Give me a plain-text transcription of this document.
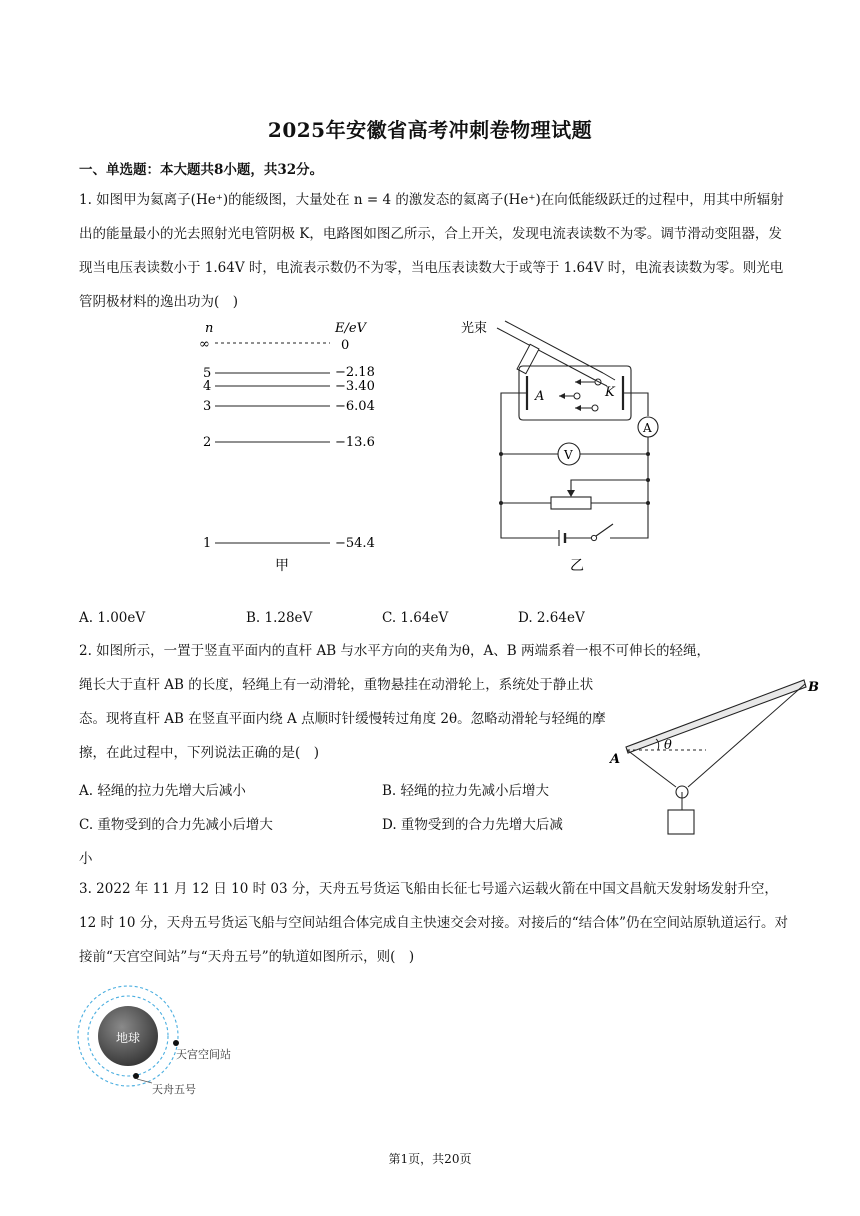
2025年安徽省高考冲刺卷物理试题
一、单选题：本大题共8小题，共32分。
1. 如图甲为氦离子(He⁺)的能级图，大量处在 n = 4 的激发态的氦离子(He⁺)在向低能级跃迁的过程中，用其中所辐射出的能量最小的光去照射光电管阴极 K，电路图如图乙所示，合上开关，发现电流表读数不为零。调节滑动变阻器，发现当电压表读数小于 1.64V 时，电流表示数仍不为零，当电压表读数大于或等于 1.64V 时，电流表读数为零。则光电管阴极材料的逸出功为(　)
n	E/eV
∞
5
4
3
2
1
0
−2.18
−3.40
−6.04
−13.6
−54.4
甲
光束
A	K
A
V
乙
A. 1.00eV	B. 1.28eV	C. 1.64eV	D. 2.64eV
2. 如图所示，一置于竖直平面内的直杆 AB 与水平方向的夹角为θ，A、B 两端系着一根不可伸长的轻绳，
绳长大于直杆 AB 的长度，轻绳上有一动滑轮，重物悬挂在动滑轮上，系统处于静止状态。现将直杆 AB 在竖直平面内绕 A 点顺时针缓慢转过角度 2θ。忽略动滑轮与轻绳的摩擦，在此过程中，下列说法正确的是(　)
A. 轻绳的拉力先增大后减小	B. 轻绳的拉力先减小后增大
C. 重物受到的合力先减小后增大	D. 重物受到的合力先增大后减
小
θ
A
B
3. 2022 年 11 月 12 日 10 时 03 分，天舟五号货运飞船由长征七号遥六运载火箭在中国文昌航天发射场发射升空，12 时 10 分，天舟五号货运飞船与空间站组合体完成自主快速交会对接。对接后的“结合体”仍在空间站原轨道运行。对接前“天宫空间站”与“天舟五号”的轨道如图所示，则(　)
地球
天宫空间站
天舟五号
第1页，共20页
